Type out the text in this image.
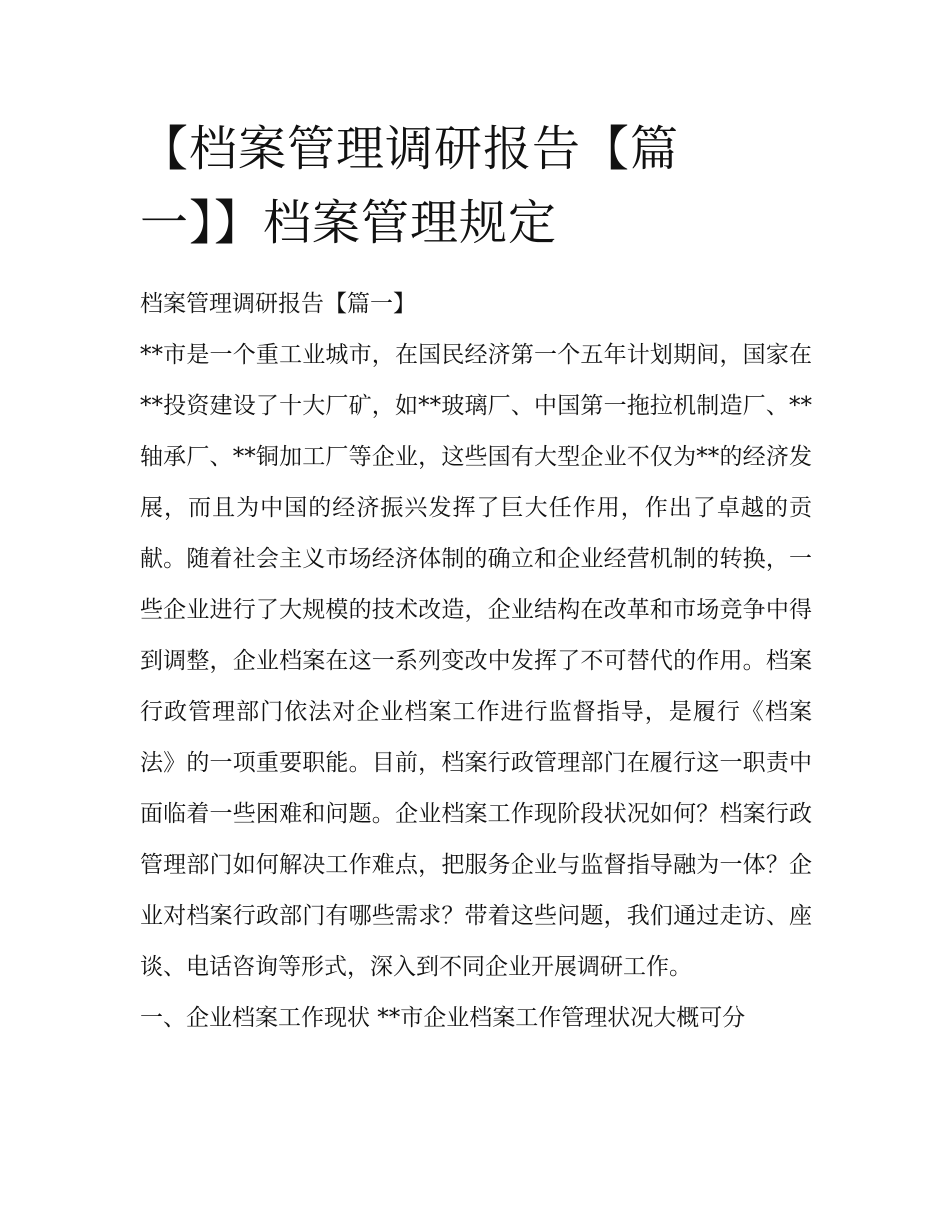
【档案管理调研报告【篇一】】档案管理规定

档案管理调研报告【篇一】

**市是一个重工业城市，在国民经济第一个五年计划期间，国家在**投资建设了十大厂矿，如**玻璃厂、中国第一拖拉机制造厂、**轴承厂、**铜加工厂等企业，这些国有大型企业不仅为**的经济发展，而且为中国的经济振兴发挥了巨大任作用，作出了卓越的贡献。随着社会主义市场经济体制的确立和企业经营机制的转换，一些企业进行了大规模的技术改造，企业结构在改革和市场竞争中得到调整，企业档案在这一系列变改中发挥了不可替代的作用。档案行政管理部门依法对企业档案工作进行监督指导，是履行《档案法》的一项重要职能。目前，档案行政管理部门在履行这一职责中面临着一些困难和问题。企业档案工作现阶段状况如何？档案行政管理部门如何解决工作难点，把服务企业与监督指导融为一体？企业对档案行政部门有哪些需求？带着这些问题，我们通过走访、座谈、电话咨询等形式，深入到不同企业开展调研工作。

一、企业档案工作现状 **市企业档案工作管理状况大概可分
